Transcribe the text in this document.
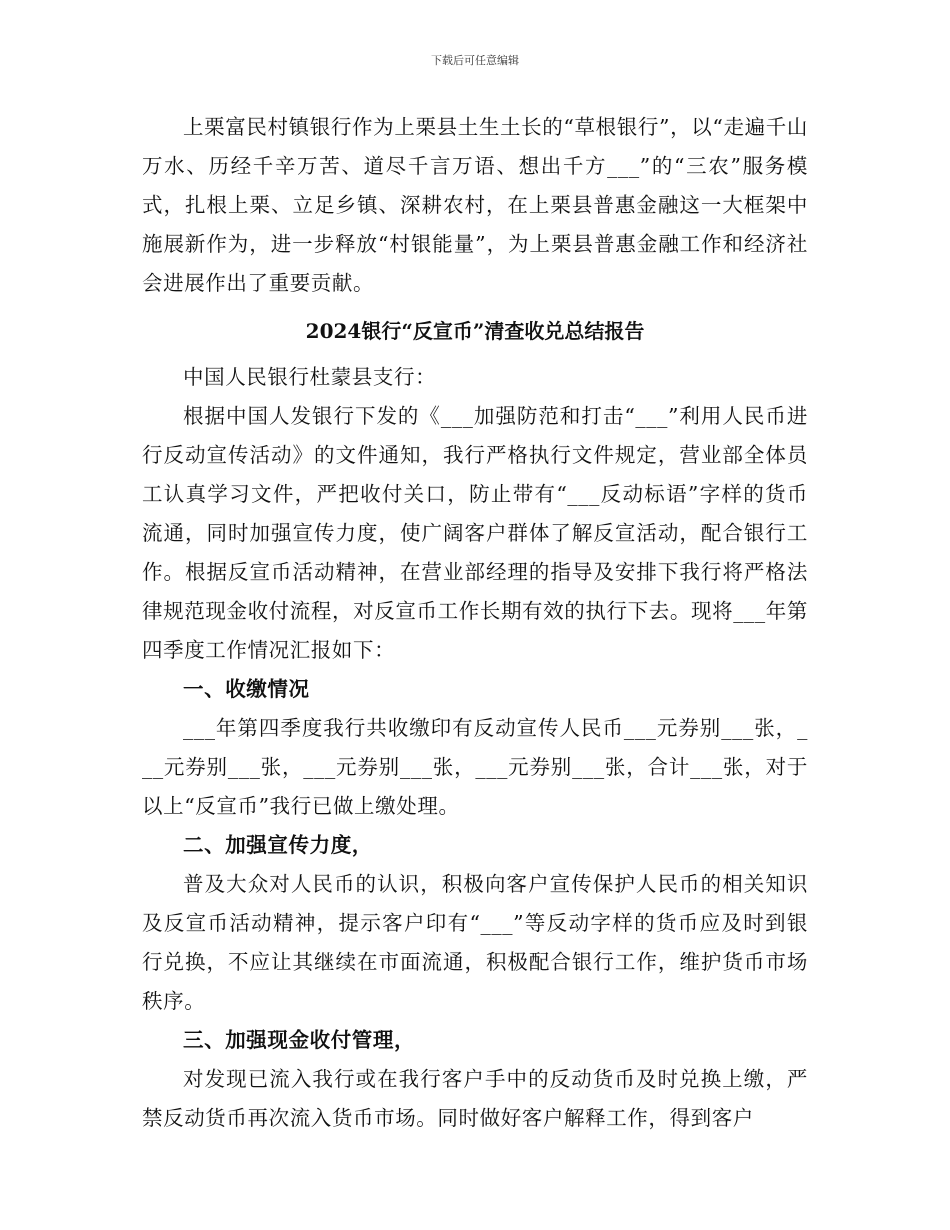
下载后可任意编辑

上栗富民村镇银行作为上栗县土生土长的“草根银行”，以“走遍千山万水、历经千辛万苦、道尽千言万语、想出千方___”的“三农”服务模式，扎根上栗、立足乡镇、深耕农村，在上栗县普惠金融这一大框架中施展新作为，进一步释放“村银能量”，为上栗县普惠金融工作和经济社会进展作出了重要贡献。

2024银行“反宣币”清查收兑总结报告

中国人民银行杜蒙县支行：

根据中国人发银行下发的《___加强防范和打击“___”利用人民币进行反动宣传活动》的文件通知，我行严格执行文件规定，营业部全体员工认真学习文件，严把收付关口，防止带有“___反动标语”字样的货币流通，同时加强宣传力度，使广阔客户群体了解反宣活动，配合银行工作。根据反宣币活动精神，在营业部经理的指导及安排下我行将严格法律规范现金收付流程，对反宣币工作长期有效的执行下去。现将___年第四季度工作情况汇报如下：

一、收缴情况

___年第四季度我行共收缴印有反动宣传人民币___元券别___张，___元券别___张，___元券别___张，___元券别___张，合计___张，对于以上“反宣币”我行已做上缴处理。

二、加强宣传力度，

普及大众对人民币的认识，积极向客户宣传保护人民币的相关知识及反宣币活动精神，提示客户印有“___”等反动字样的货币应及时到银行兑换，不应让其继续在市面流通，积极配合银行工作，维护货币市场秩序。

三、加强现金收付管理，

对发现已流入我行或在我行客户手中的反动货币及时兑换上缴，严禁反动货币再次流入货币市场。同时做好客户解释工作，得到客户
